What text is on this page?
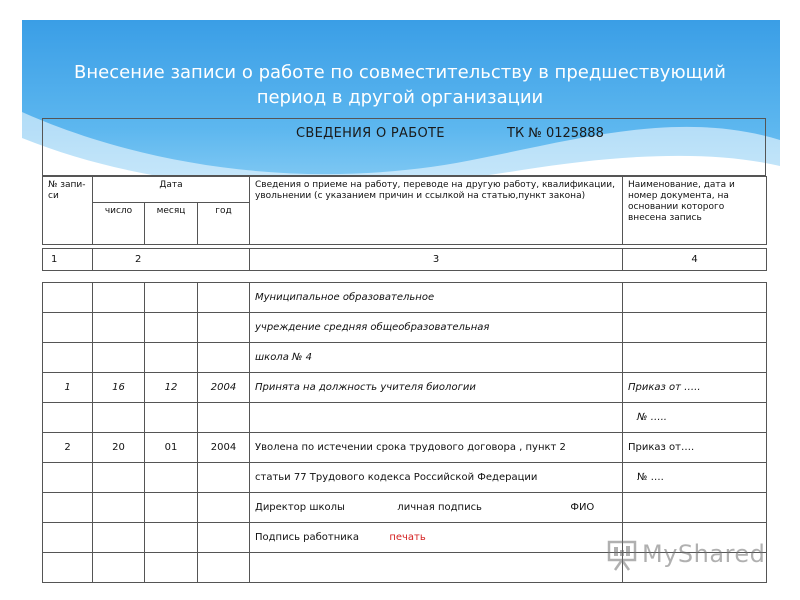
Внесение записи о работе по совместительству в предшествующий
период в другой организации
СВЕДЕНИЯ О РАБОТЕ	ТК № 0125888
№ запи- си	Дата			Сведения о приеме на работу, переводе на другую работу, квалификации, увольнении (с указанием причин и ссылкой на статью,пункт закона)	Наименование, дата и номер документа, на основании которого внесена запись
	число	месяц	год		
1	2	3	4
				Муниципальное образовательное	
				учреждение средняя общеобразовательная	
				школа № 4	
1	16	12	2004	Принята на должность учителя биологии	Приказ от …..
					№ …..
2	20	01	2004	Уволена по истечении срока трудового договора , пункт 2	Приказ от….
				статьи 77 Трудового кодекса Российской Федерации	№ ….
				Директор школы личная подпись ФИО	
				Подпись работника печать	

MyShared
